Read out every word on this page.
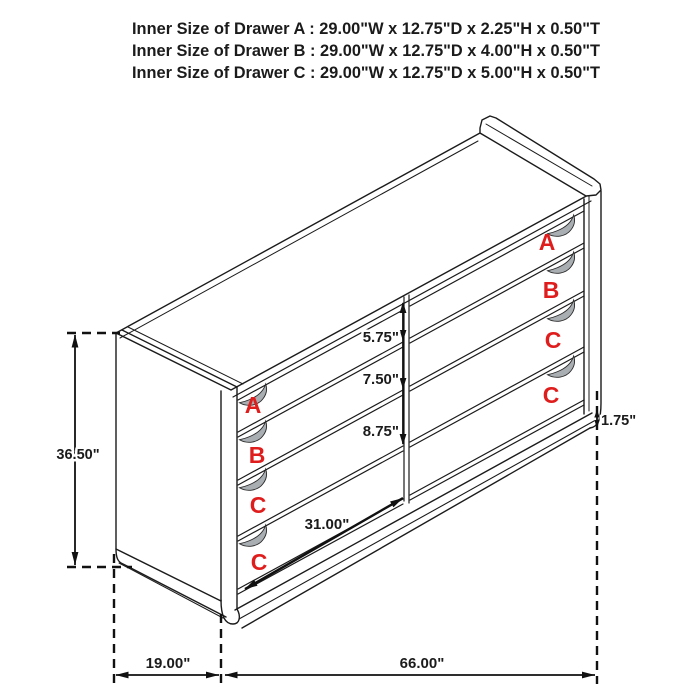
36.50"
5.75"
7.50"
8.75"
31.00"
1.75"
19.00"	66.00"
A
B
C
C
A
B
C
C
Inner Size of Drawer A : 29.00"W x 12.75"D x 2.25"H x 0.50"T
Inner Size of Drawer B : 29.00"W x 12.75"D x 4.00"H x 0.50"T
Inner Size of Drawer C : 29.00"W x 12.75"D x 5.00"H x 0.50"T
